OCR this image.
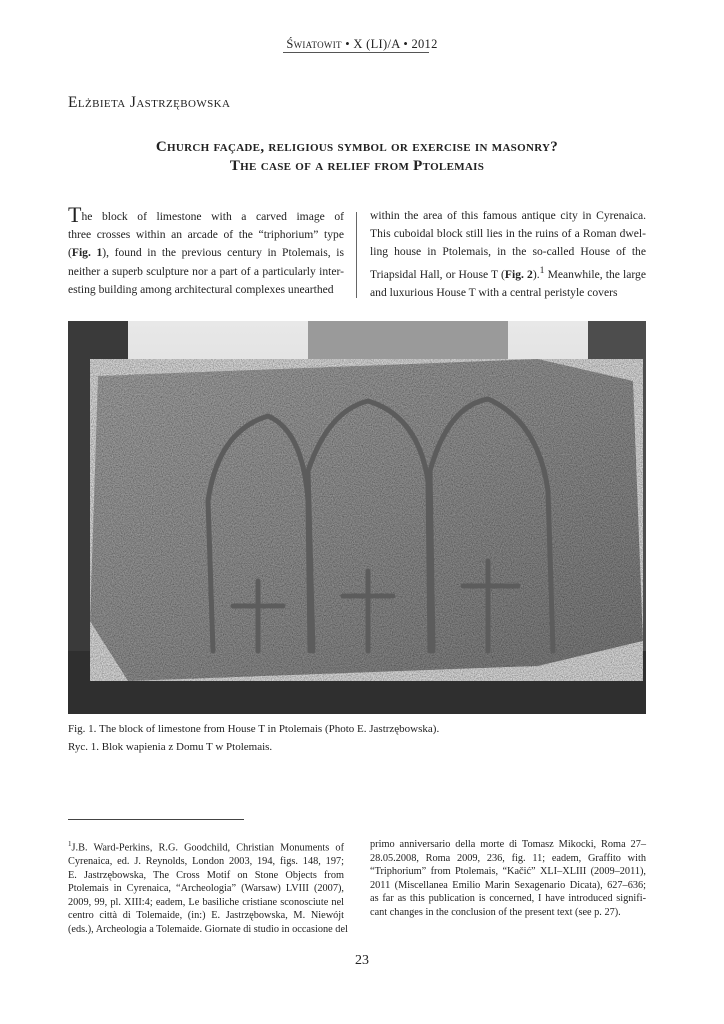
Światowit • X (LI)/A • 2012
Elżbieta Jastrzębowska
Church façade, religious symbol or exercise in masonry?
The case of a relief from Ptolemais
The block of limestone with a carved image of
three crosses within an arcade of the “triphorium” type
(Fig. 1), found in the previous century in Ptolemais, is
neither a superb sculpture nor a part of a particularly inter-
esting building among architectural complexes unearthed
within the area of this famous antique city in Cyrenaica.
This cuboidal block still lies in the ruins of a Roman dwel-
ling house in Ptolemais, in the so-called House of the
Triapsidal Hall, or House T (Fig. 2).$^1$ Meanwhile, the large
and luxurious House T with a central peristyle covers
Fig. 1. The block of limestone from House T in Ptolemais (Photo E. Jastrzębowska).
Ryc. 1. Blok wapienia z Domu T w Ptolemais.
$^1$J.B. Ward-Perkins, R.G. Goodchild, Christian Monuments of
Cyrenaica, ed. J. Reynolds, London 2003, 194, figs. 148, 197;
E. Jastrzębowska, The Cross Motif on Stone Objects from
Ptolemais in Cyrenaica, “Archeologia” (Warsaw) LVIII (2007),
2009, 99, pl. XIII:4; eadem, Le basiliche cristiane sconosciute nel
centro città di Tolemaide, (in:) E. Jastrzębowska, M. Niewójt
(eds.), Archeologia a Tolemaide. Giornate di studio in occasione del
primo anniversario della morte di Tomasz Mikocki, Roma 27–
28.05.2008, Roma 2009, 236, fig. 11; eadem, Graffito with
“Triphorium” from Ptolemais, “Kačić” XLI–XLIII (2009–2011),
2011 (Miscellanea Emilio Marin Sexagenario Dicata), 627–636;
as far as this publication is concerned, I have introduced signifi-
cant changes in the conclusion of the present text (see p. 27).
23
